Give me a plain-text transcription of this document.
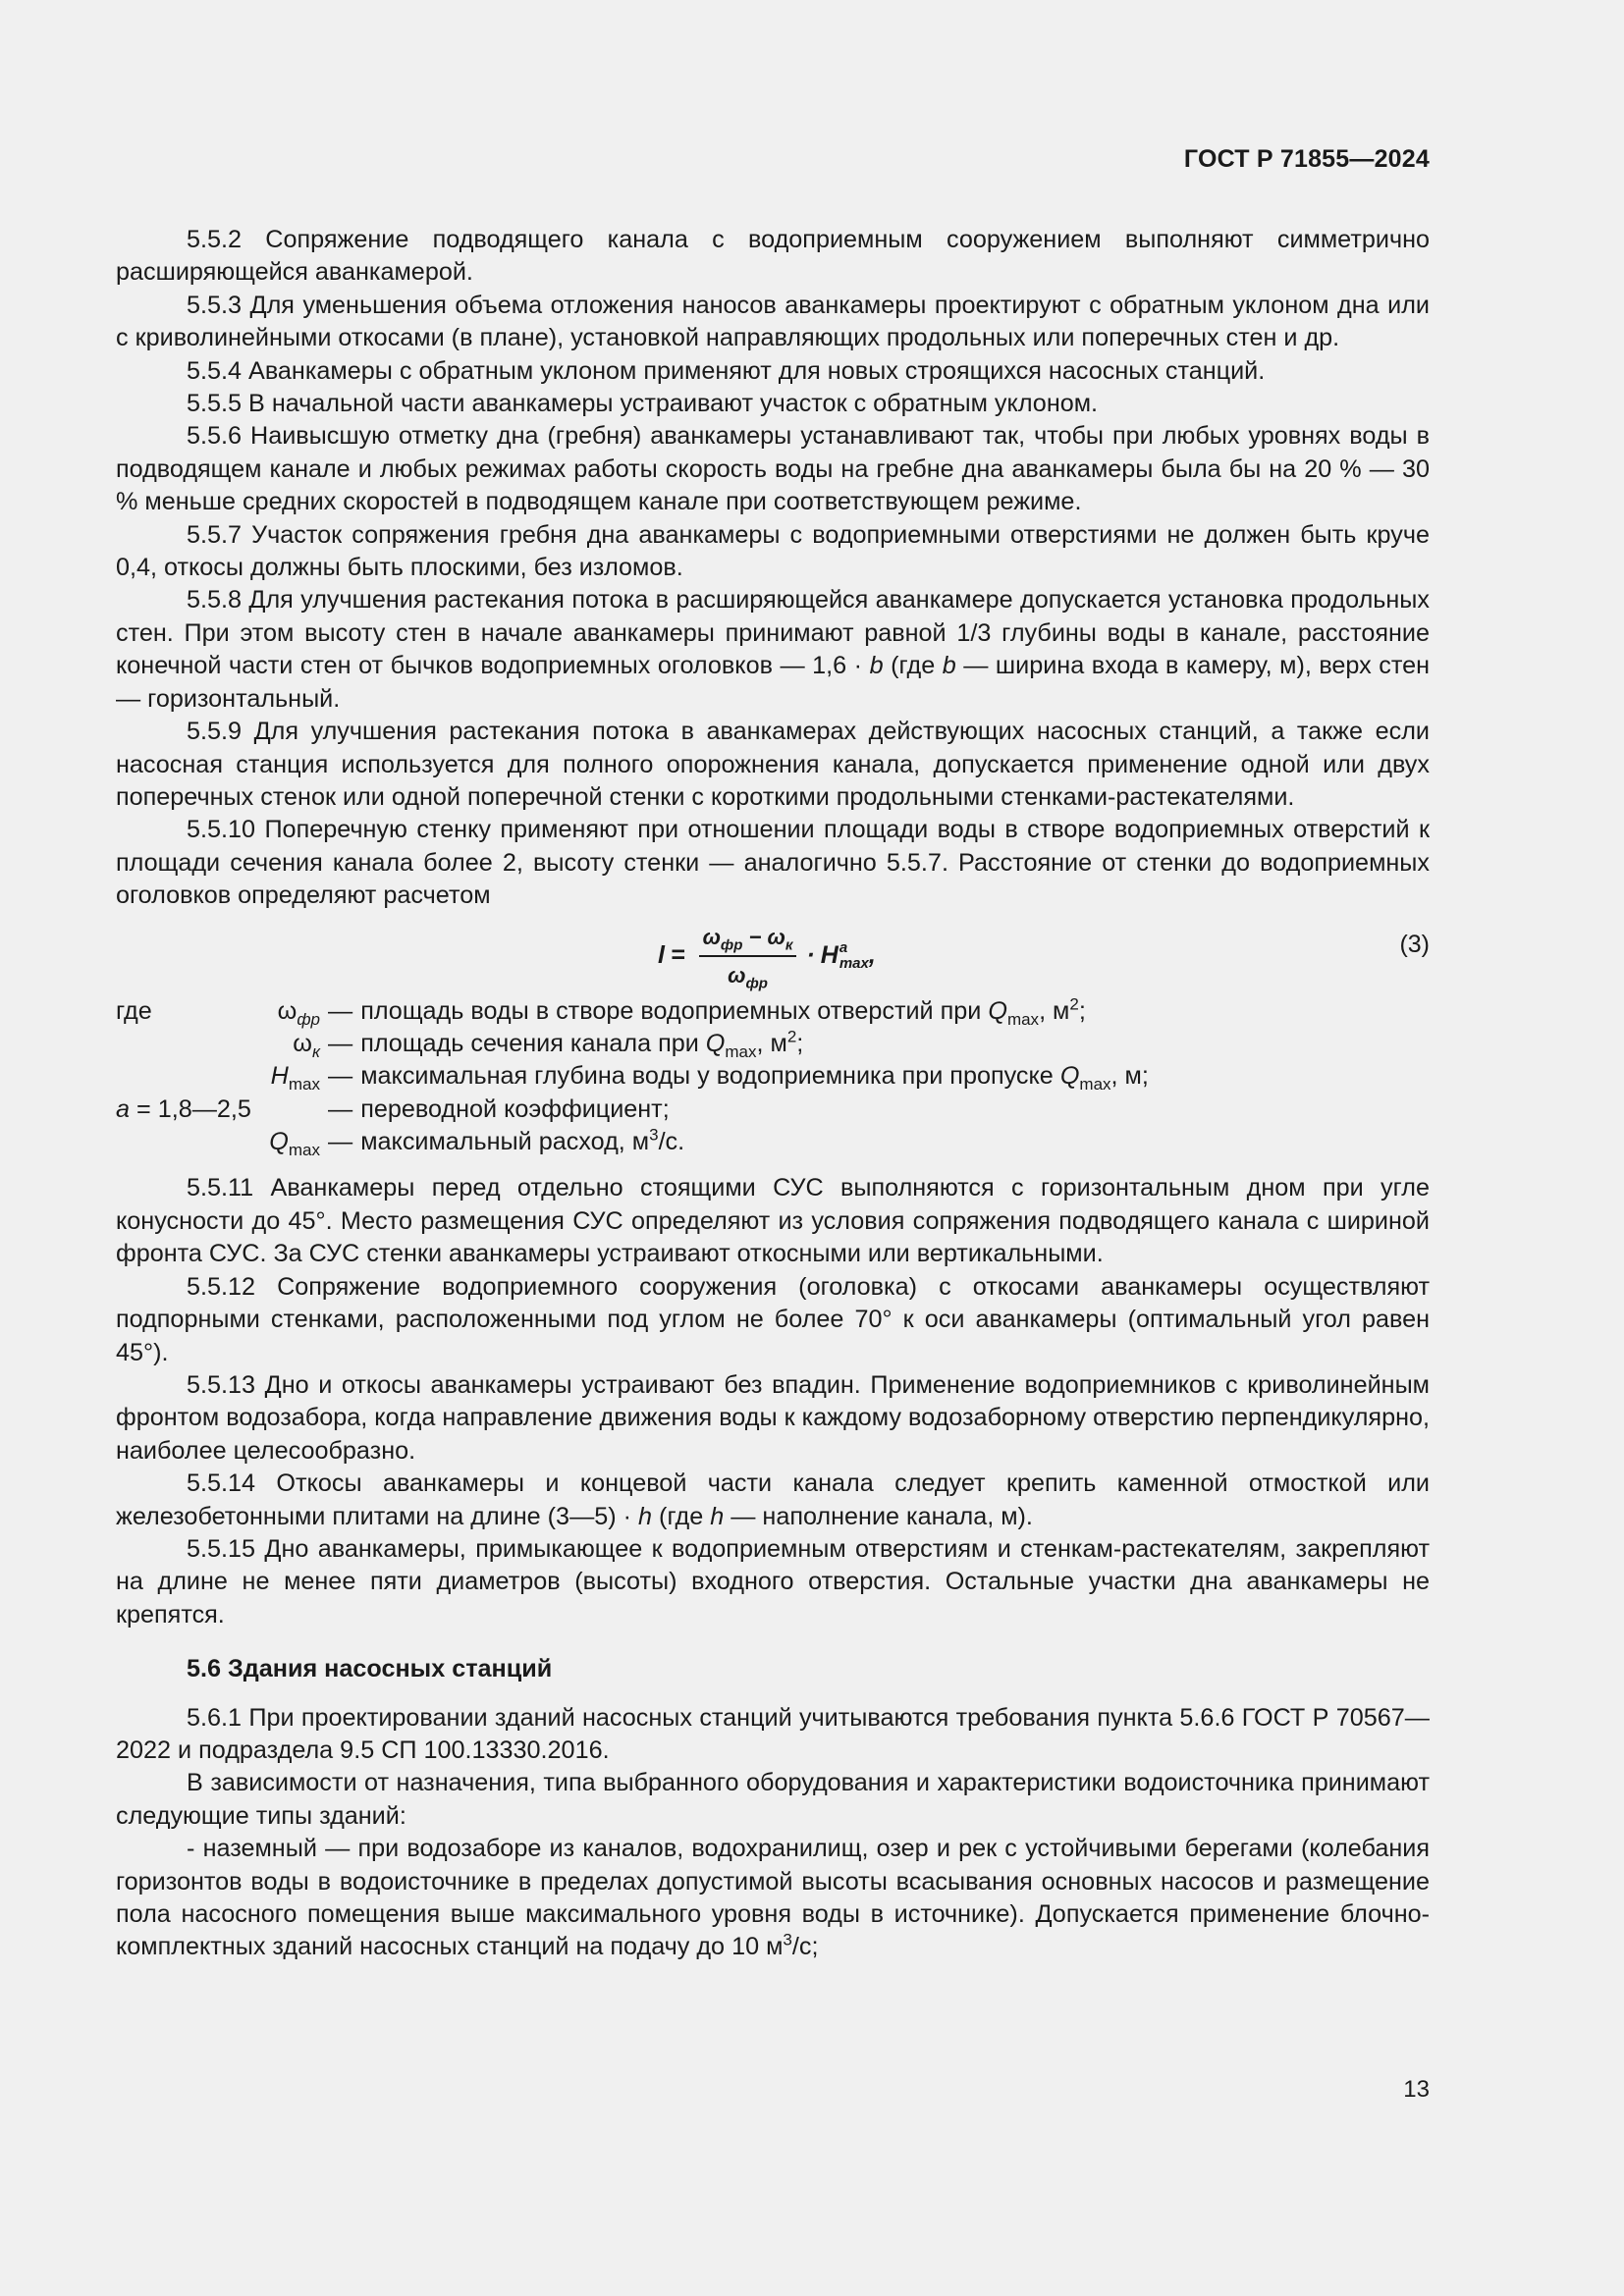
ГОСТ Р 71855—2024

5.5.2 Сопряжение подводящего канала с водоприемным сооружением выполняют симметрично расширяющейся аванкамерой.

5.5.3 Для уменьшения объема отложения наносов аванкамеры проектируют с обратным уклоном дна или с криволинейными откосами (в плане), установкой направляющих продольных или поперечных стен и др.

5.5.4 Аванкамеры с обратным уклоном применяют для новых строящихся насосных станций.

5.5.5 В начальной части аванкамеры устраивают участок с обратным уклоном.

5.5.6 Наивысшую отметку дна (гребня) аванкамеры устанавливают так, чтобы при любых уровнях воды в подводящем канале и любых режимах работы скорость воды на гребне дна аванкамеры была бы на 20 % — 30 % меньше средних скоростей в подводящем канале при соответствующем режиме.

5.5.7 Участок сопряжения гребня дна аванкамеры с водоприемными отверстиями не должен быть круче 0,4, откосы должны быть плоскими, без изломов.

5.5.8 Для улучшения растекания потока в расширяющейся аванкамере допускается установка продольных стен. При этом высоту стен в начале аванкамеры принимают равной 1/3 глубины воды в канале, расстояние конечной части стен от бычков водоприемных оголовков — 1,6 · b (где b — ширина входа в камеру, м), верх стен — горизонтальный.

5.5.9 Для улучшения растекания потока в аванкамерах действующих насосных станций, а также если насосная станция используется для полного опорожнения канала, допускается применение одной или двух поперечных стенок или одной поперечной стенки с короткими продольными стенками-растекателями.

5.5.10 Поперечную стенку применяют при отношении площади воды в створе водоприемных отверстий к площади сечения канала более 2, высоту стенки — аналогично 5.5.7. Расстояние от стенки до водоприемных оголовков определяют расчетом

$l = \frac{\omega_{фр} - \omega_к}{\omega_{фр}} \cdot H$ a
max ,	(3)
где	$\omega_{фр}$ — площадь воды в створе водоприемных отверстий при $Q_{max}$, $м^2$;
$\omega_к$ — площадь сечения канала при $Q_{max}$, $м^2$;
$H_{max}$ — максимальная глубина воды у водоприемника при пропуске $Q_{max}$, м;
a = 1,8—2,5	— переводной коэффициент;
$Q_{max}$ — максимальный расход, $м^3/с$.

5.5.11 Аванкамеры перед отдельно стоящими СУС выполняются с горизонтальным дном при угле конусности до 45°. Место размещения СУС определяют из условия сопряжения подводящего канала с шириной фронта СУС. За СУС стенки аванкамеры устраивают откосными или вертикальными.

5.5.12 Сопряжение водоприемного сооружения (оголовка) с откосами аванкамеры осуществляют подпорными стенками, расположенными под углом не более 70° к оси аванкамеры (оптимальный угол равен 45°).

5.5.13 Дно и откосы аванкамеры устраивают без впадин. Применение водоприемников с криволинейным фронтом водозабора, когда направление движения воды к каждому водозаборному отверстию перпендикулярно, наиболее целесообразно.

5.5.14 Откосы аванкамеры и концевой части канала следует крепить каменной отмосткой или железобетонными плитами на длине (3—5) · h (где h — наполнение канала, м).

5.5.15 Дно аванкамеры, примыкающее к водоприемным отверстиям и стенкам-растекателям, закрепляют на длине не менее пяти диаметров (высоты) входного отверстия. Остальные участки дна аванкамеры не крепятся.

5.6 Здания насосных станций

5.6.1 При проектировании зданий насосных станций учитываются требования пункта 5.6.6 ГОСТ Р 70567—2022 и подраздела 9.5 СП 100.13330.2016.

В зависимости от назначения, типа выбранного оборудования и характеристики водоисточника принимают следующие типы зданий:

- наземный — при водозаборе из каналов, водохранилищ, озер и рек с устойчивыми берегами (колебания горизонтов воды в водоисточнике в пределах допустимой высоты всасывания основных насосов и размещение пола насосного помещения выше максимального уровня воды в источнике). Допускается применение блочно-комплектных зданий насосных станций на подачу до 10 $м^3/с$;

13
